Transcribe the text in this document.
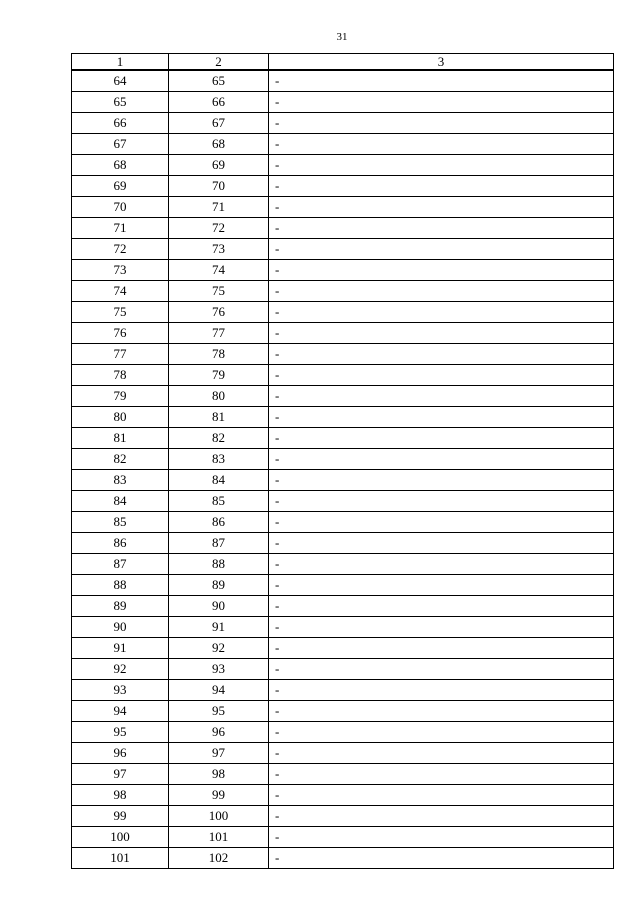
31
1	2	3
64	65	-
65	66	-
66	67	-
67	68	-
68	69	-
69	70	-
70	71	-
71	72	-
72	73	-
73	74	-
74	75	-
75	76	-
76	77	-
77	78	-
78	79	-
79	80	-
80	81	-
81	82	-
82	83	-
83	84	-
84	85	-
85	86	-
86	87	-
87	88	-
88	89	-
89	90	-
90	91	-
91	92	-
92	93	-
93	94	-
94	95	-
95	96	-
96	97	-
97	98	-
98	99	-
99	100	-
100	101	-
101	102	-
